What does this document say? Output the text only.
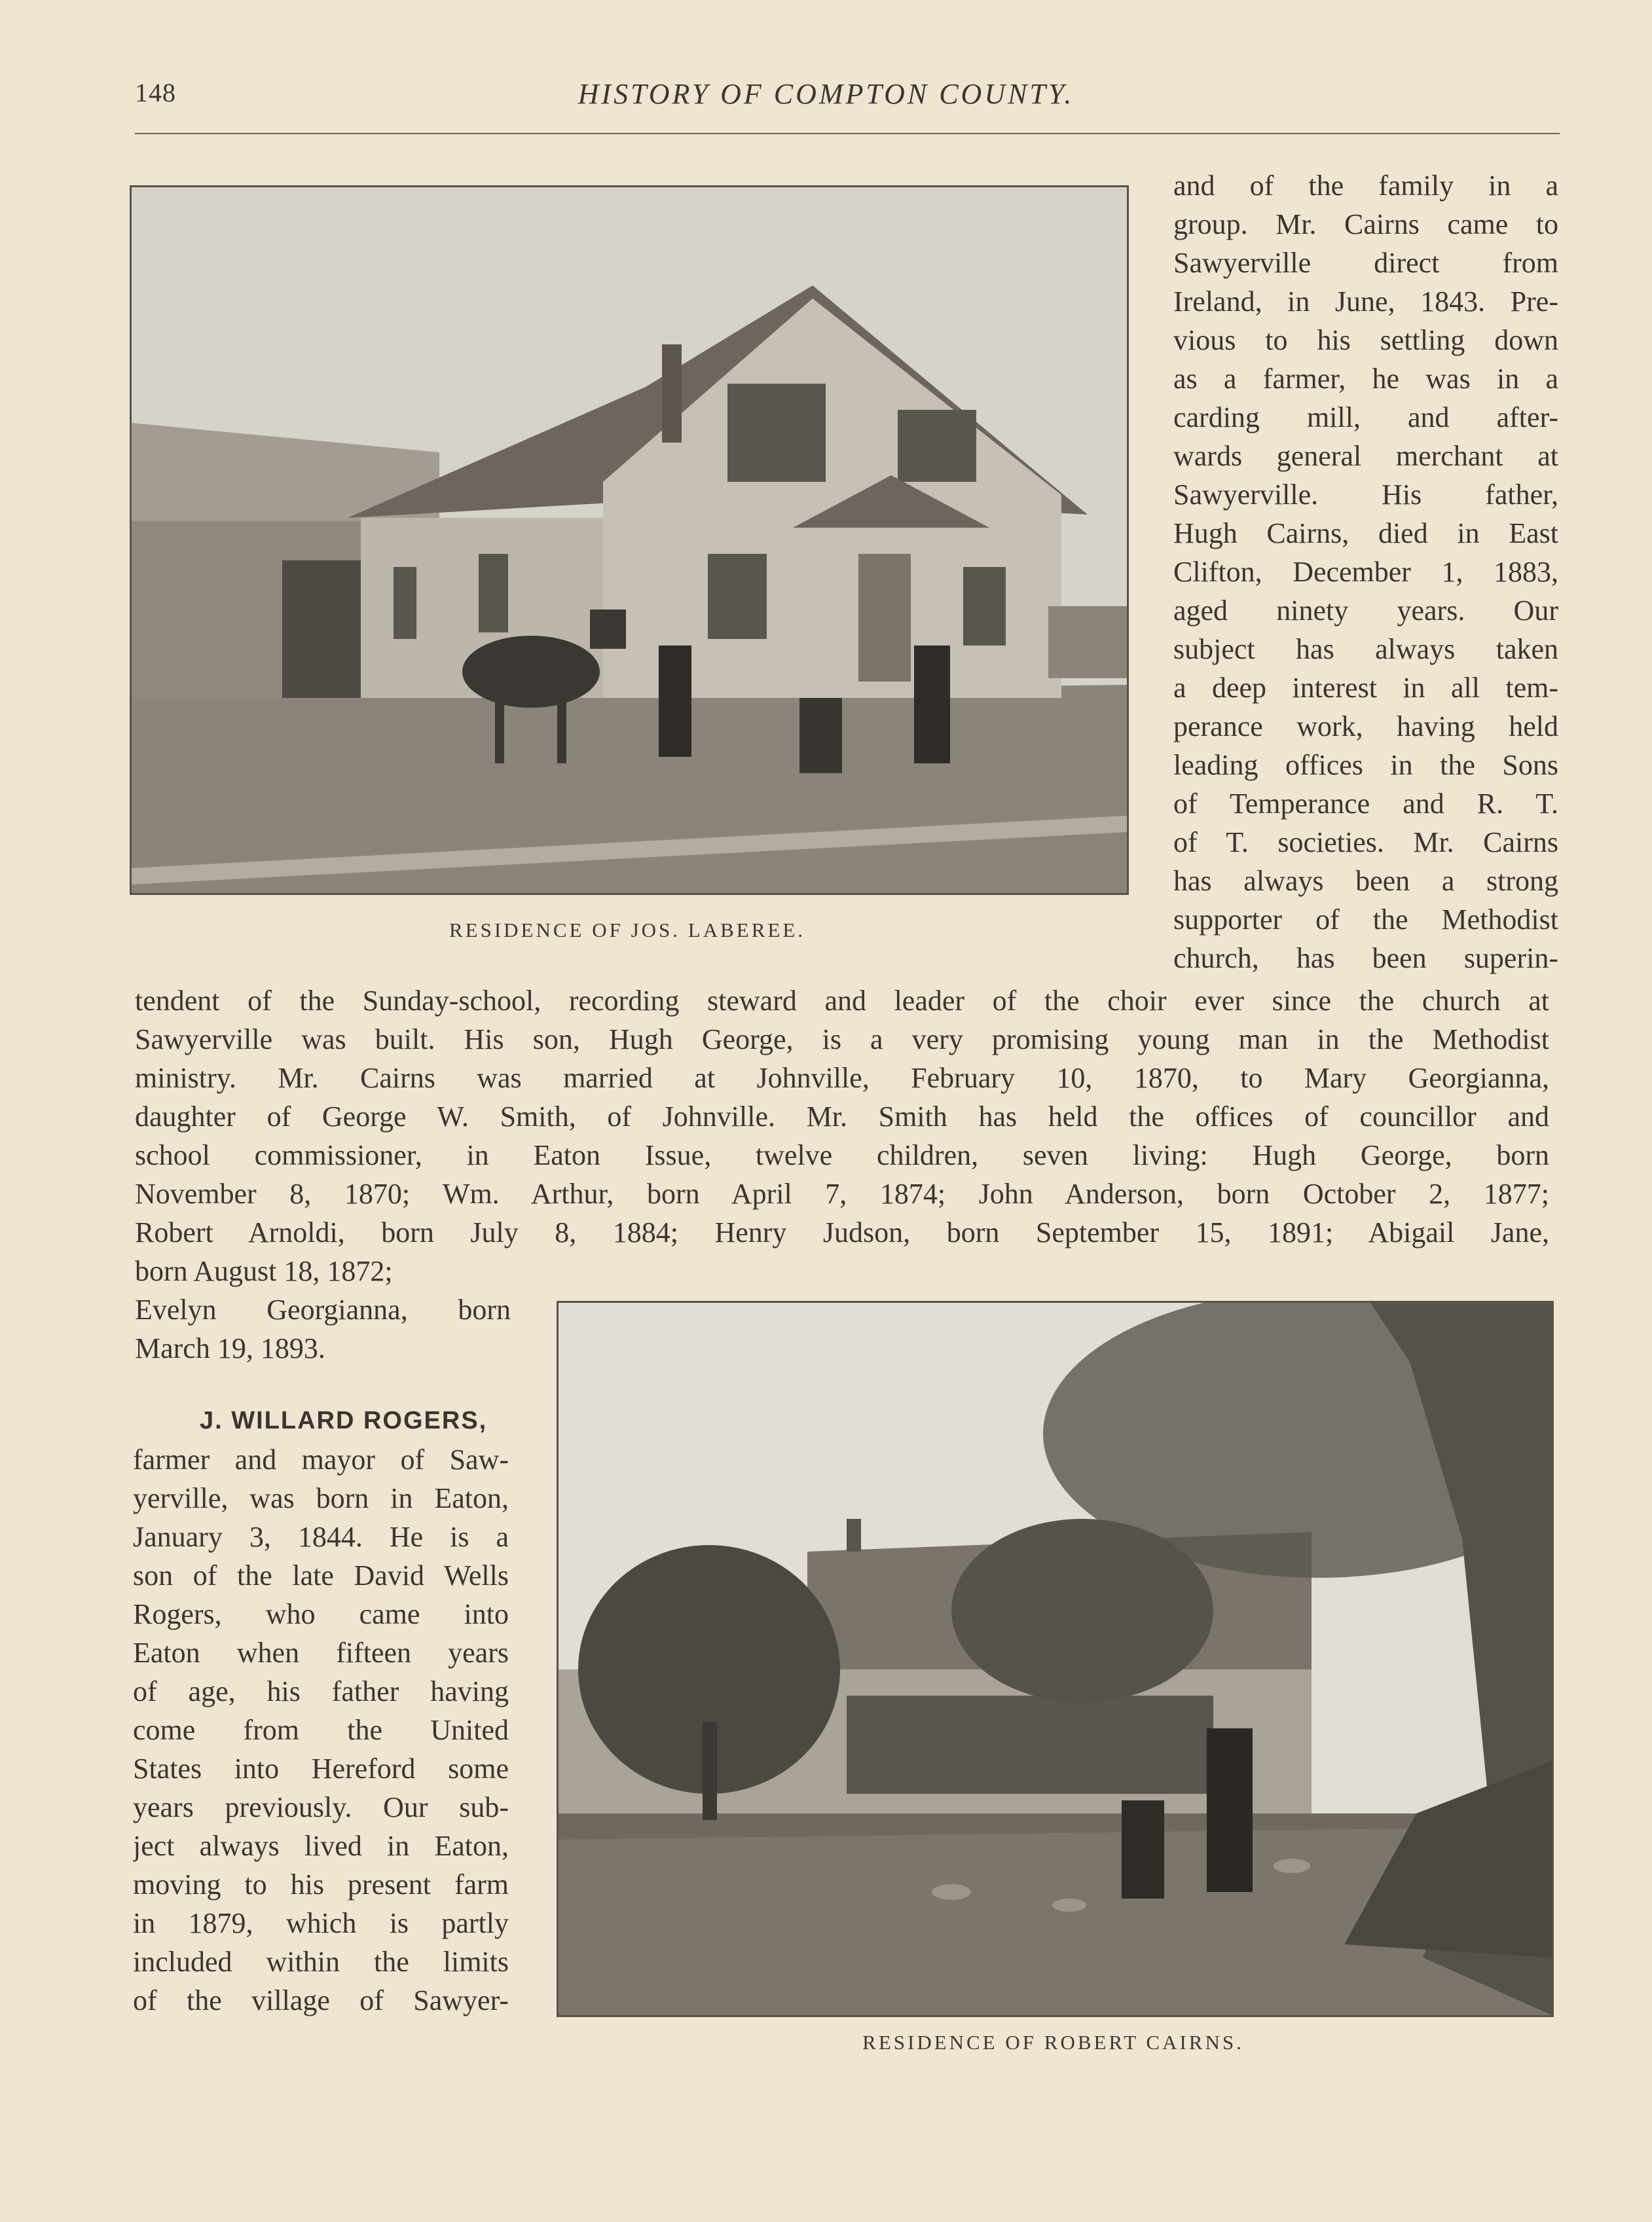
148	HISTORY OF COMPTON COUNTY.
RESIDENCE OF JOS. LABEREE.
and of the family in a
group. Mr. Cairns came to
Sawyerville direct from
Ireland, in June, 1843. Pre-
vious to his settling down
as a farmer, he was in a
carding mill, and after-
wards general merchant at
Sawyerville. His father,
Hugh Cairns, died in East
Clifton, December 1, 1883,
aged ninety years. Our
subject has always taken
a deep interest in all tem-
perance work, having held
leading offices in the Sons
of Temperance and R. T.
of T. societies. Mr. Cairns
has always been a strong
supporter of the Methodist
church, has been superin-
tendent of the Sunday-school, recording steward and leader of the choir ever since the church at
Sawyerville was built. His son, Hugh George, is a very promising young man in the Methodist
ministry. Mr. Cairns was married at Johnville, February 10, 1870, to Mary Georgianna,
daughter of George W. Smith, of Johnville. Mr. Smith has held the offices of councillor and
school commissioner, in Eaton Issue, twelve children, seven living: Hugh George, born
November 8, 1870; Wm. Arthur, born April 7, 1874; John Anderson, born October 2, 1877;
Robert Arnoldi, born July 8, 1884; Henry Judson, born September 15, 1891; Abigail Jane,
born August 18, 1872;
Evelyn Georgianna, born
March 19, 1893.
J. WILLARD ROGERS,
farmer and mayor of Saw-
yerville, was born in Eaton,
January 3, 1844. He is a
son of the late David Wells
Rogers, who came into
Eaton when fifteen years
of age, his father having
come from the United
States into Hereford some
years previously. Our sub-
ject always lived in Eaton,
moving to his present farm
in 1879, which is partly
included within the limits
of the village of Sawyer-
RESIDENCE OF ROBERT CAIRNS.
